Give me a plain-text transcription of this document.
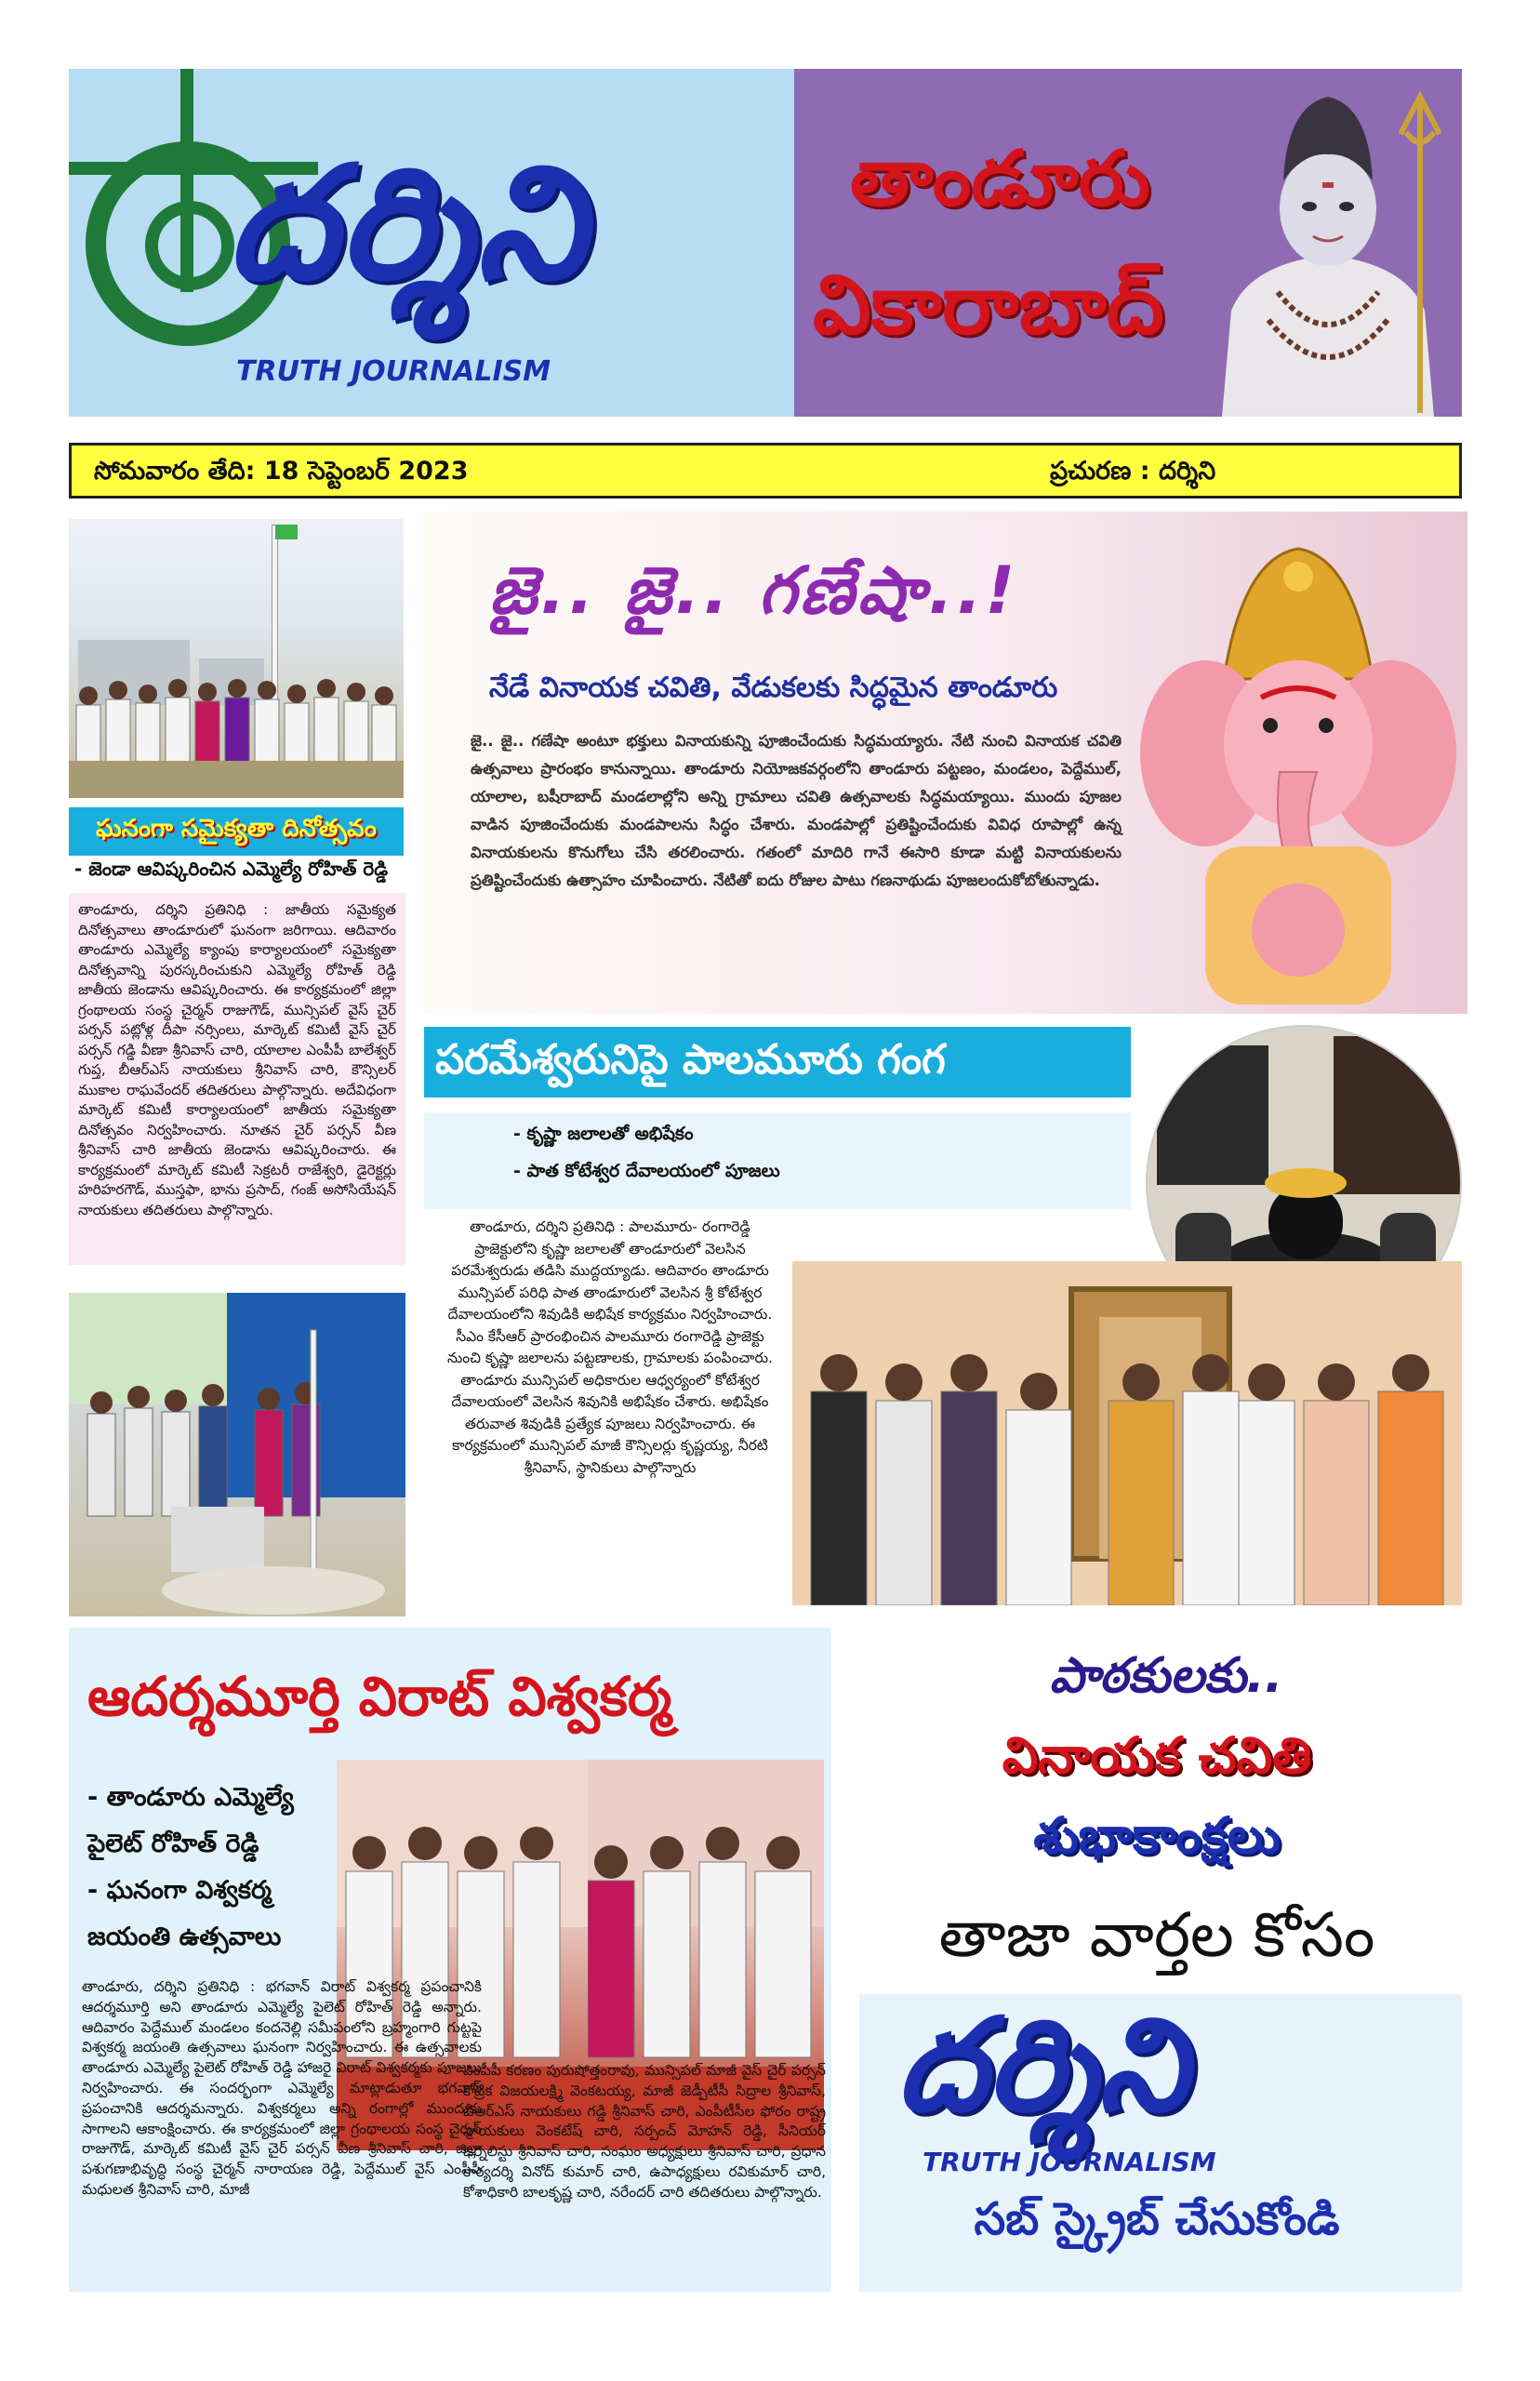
దర్శిని
TRUTH JOURNALISM
తాండూరు
వికారాబాద్
సోమవారం తేది: 18 సెప్టెంబర్ 2023	ప్రచురణ : దర్శిని
ఘనంగా సమైక్యతా దినోత్సవం
- జెండా ఆవిష్కరించిన ఎమ్మెల్యే రోహిత్ రెడ్డి
తాండూరు, దర్శిని ప్రతినిధి : జాతీయ సమైక్యత దినోత్సవాలు తాండూరులో ఘనంగా జరిగాయి. ఆదివారం తాండూరు ఎమ్మెల్యే క్యాంపు కార్యాలయంలో సమైక్యతా దినోత్సవాన్ని పురస్కరించుకుని ఎమ్మెల్యే రోహిత్ రెడ్డి జాతీయ జెండాను ఆవిష్కరించారు. ఈ కార్యక్రమంలో జిల్లా గ్రంథాలయ సంస్థ చైర్మన్ రాజుగౌడ్, మున్సిపల్ వైస్ చైర్ పర్సన్ పట్లోళ్ల దీపా నర్సింలు, మార్కెట్ కమిటీ వైస్ చైర్ పర్సన్ గడ్డి వీణా శ్రీనివాస్ చారి, యాలాల ఎంపీపీ బాలేశ్వర్ గుప్త, బీఆర్ఎస్ నాయకులు శ్రీనివాస్ చారి, కౌన్సిలర్ ముకాల రాఘవేందర్ తదితరులు పాల్గొన్నారు. అదేవిధంగా మార్కెట్ కమిటీ కార్యాలయంలో జాతీయ సమైక్యతా దినోత్సవం నిర్వహించారు. నూతన చైర్ పర్సన్ వీణ శ్రీనివాస్ చారి జాతీయ జెండాను ఆవిష్కరించారు. ఈ కార్యక్రమంలో మార్కెట్ కమిటీ సెక్రటరీ రాజేశ్వరి, డైరెక్టర్లు హరిహరగౌడ్, ముస్తఫా, భాను ప్రసాద్, గంజ్ అసోసియేషన్ నాయకులు తదితరులు పాల్గొన్నారు.
జై.. జై.. గణేషా..!
నేడే వినాయక చవితి, వేడుకలకు సిద్ధమైన తాండూరు
జై.. జై.. గణేషా అంటూ భక్తులు వినాయకున్ని పూజించేందుకు సిద్ధమయ్యారు. నేటి నుంచి వినాయక చవితి ఉత్సవాలు ప్రారంభం కానున్నాయి. తాండూరు నియోజకవర్గంలోని తాండూరు పట్టణం, మండలం, పెద్దేముల్, యాలాల, బషీరాబాద్ మండలాల్లోని అన్ని గ్రామాలు చవితి ఉత్సవాలకు సిద్ధమయ్యాయి. ముందు పూజల వాడిన పూజించేందుకు మండపాలను సిద్ధం చేశారు. మండపాల్లో ప్రతిష్టించేందుకు వివిధ రూపాల్లో ఉన్న వినాయకులను కొనుగోలు చేసి తరలించారు. గతంలో మాదిరి గానే ఈసారి కూడా మట్టి వినాయకులను ప్రతిష్టించేందుకు ఉత్సాహం చూపించారు. నేటితో ఐదు రోజుల పాటు గణనాథుడు పూజలందుకోబోతున్నాడు.
పరమేశ్వరునిపై పాలమూరు గంగ
- కృష్ణా జలాలతో అభిషేకం
- పాత కోటేశ్వర దేవాలయంలో పూజలు
తాండూరు, దర్శిని ప్రతినిధి : పాలమూరు- రంగారెడ్డి ప్రాజెక్టులోని కృష్ణా జలాలతో తాండూరులో వెలసిన పరమేశ్వరుడు తడిసి ముద్దయ్యాడు. ఆదివారం తాండూరు మున్సిపల్ పరిధి పాత తాండూరులో వెలసిన శ్రీ కోటేశ్వర దేవాలయంలోని శివుడికి అభిషేక కార్యక్రమం నిర్వహించారు. సీఎం కేసీఆర్ ప్రారంభించిన పాలమూరు రంగారెడ్డి ప్రాజెక్టు నుంచి కృష్ణా జలాలను పట్టణాలకు, గ్రామాలకు పంపించారు. తాండూరు మున్సిపల్ అధికారుల ఆధ్వర్యంలో కోటేశ్వర దేవాలయంలో వెలసిన శివునికి అభిషేకం చేశారు. అభిషేకం తరువాత శివుడికి ప్రత్యేక పూజలు నిర్వహించారు. ఈ కార్యక్రమంలో మున్సిపల్ మాజీ కౌన్సిలర్లు కృష్ణయ్య, నీరటి శ్రీనివాస్, స్థానికులు పాల్గొన్నారు
ఆదర్శమూర్తి విరాట్ విశ్వకర్మ
- తాండూరు ఎమ్మెల్యే
పైలెట్ రోహిత్ రెడ్డి
- ఘనంగా విశ్వకర్మ
జయంతి ఉత్సవాలు
తాండూరు, దర్శిని ప్రతినిధి : భగవాన్ విరాట్ విశ్వకర్మ ప్రపంచానికి ఆదర్శమూర్తి అని తాండూరు ఎమ్మెల్యే పైలెట్ రోహిత్ రెడ్డి అన్నారు. ఆదివారం పెద్దేముల్ మండలం కందనెల్లి సమీపంలోని బ్రహ్మంగారి గుట్టపై విశ్వకర్మ జయంతి ఉత్సవాలు ఘనంగా నిర్వహించారు. ఈ ఉత్సవాలకు తాండూరు ఎమ్మెల్యే పైలెట్ రోహిత్ రెడ్డి హాజరై విరాట్ విశ్వకర్మకు పూజలు నిర్వహించారు. ఈ సందర్భంగా ఎమ్మెల్యే మాట్లాడుతూ భగవాన్ ప్రపంచానికి ఆదర్శమన్నారు. విశ్వకర్మలు అన్ని రంగాల్లో ముందుకు సాగాలని ఆకాంక్షించారు. ఈ కార్యక్రమంలో జిల్లా గ్రంథాలయ సంస్థ చైర్మన్ రాజుగౌడ్, మార్కెట్ కమిటీ వైస్ చైర్ పర్సన్ వీణ శ్రీనివాస్ చారి, జిల్లా పశుగణాభివృద్ధి సంస్థ చైర్మన్ నారాయణ రెడ్డి, పెద్దేముల్ వైస్ ఎంపీపీ మధులత శ్రీనివాస్ చారి, మాజీ
ఎంపీపీ కరణం పురుషోత్తంరావు, మున్సిపల్ మాజీ వైస్ చైర్ పర్సన్ కోట్రిక విజయలక్ష్మి వెంకటయ్య, మాజీ జెడ్పీటీసీ సిద్రాల శ్రీనివాస్, బీఆర్ఎస్ నాయకులు గడ్డి శ్రీనివాస్ చారి, ఎంపీటీసీల ఫోరం రాష్ట్ర నాయకులు వెంకటేష్ చారి, సర్పంచ్ మోహన్ రెడ్డి, సీనియర్ జర్నలిస్టు శ్రీనివాస్ చారి, సంఘం అధ్యక్షులు శ్రీనివాస్ చారి, ప్రధాన కార్యదర్శి వినోద్ కుమార్ చారి, ఉపాధ్యక్షులు రవికుమార్ చారి, కోశాధికారి బాలకృష్ణ చారి, నరేందర్ చారి తదితరులు పాల్గొన్నారు.
పాఠకులకు..
వినాయక చవితి
శుభాకాంక్షలు
తాజా వార్తల కోసం
దర్శిని
TRUTH JOURNALISM
సబ్ స్క్రైబ్ చేసుకోండి
